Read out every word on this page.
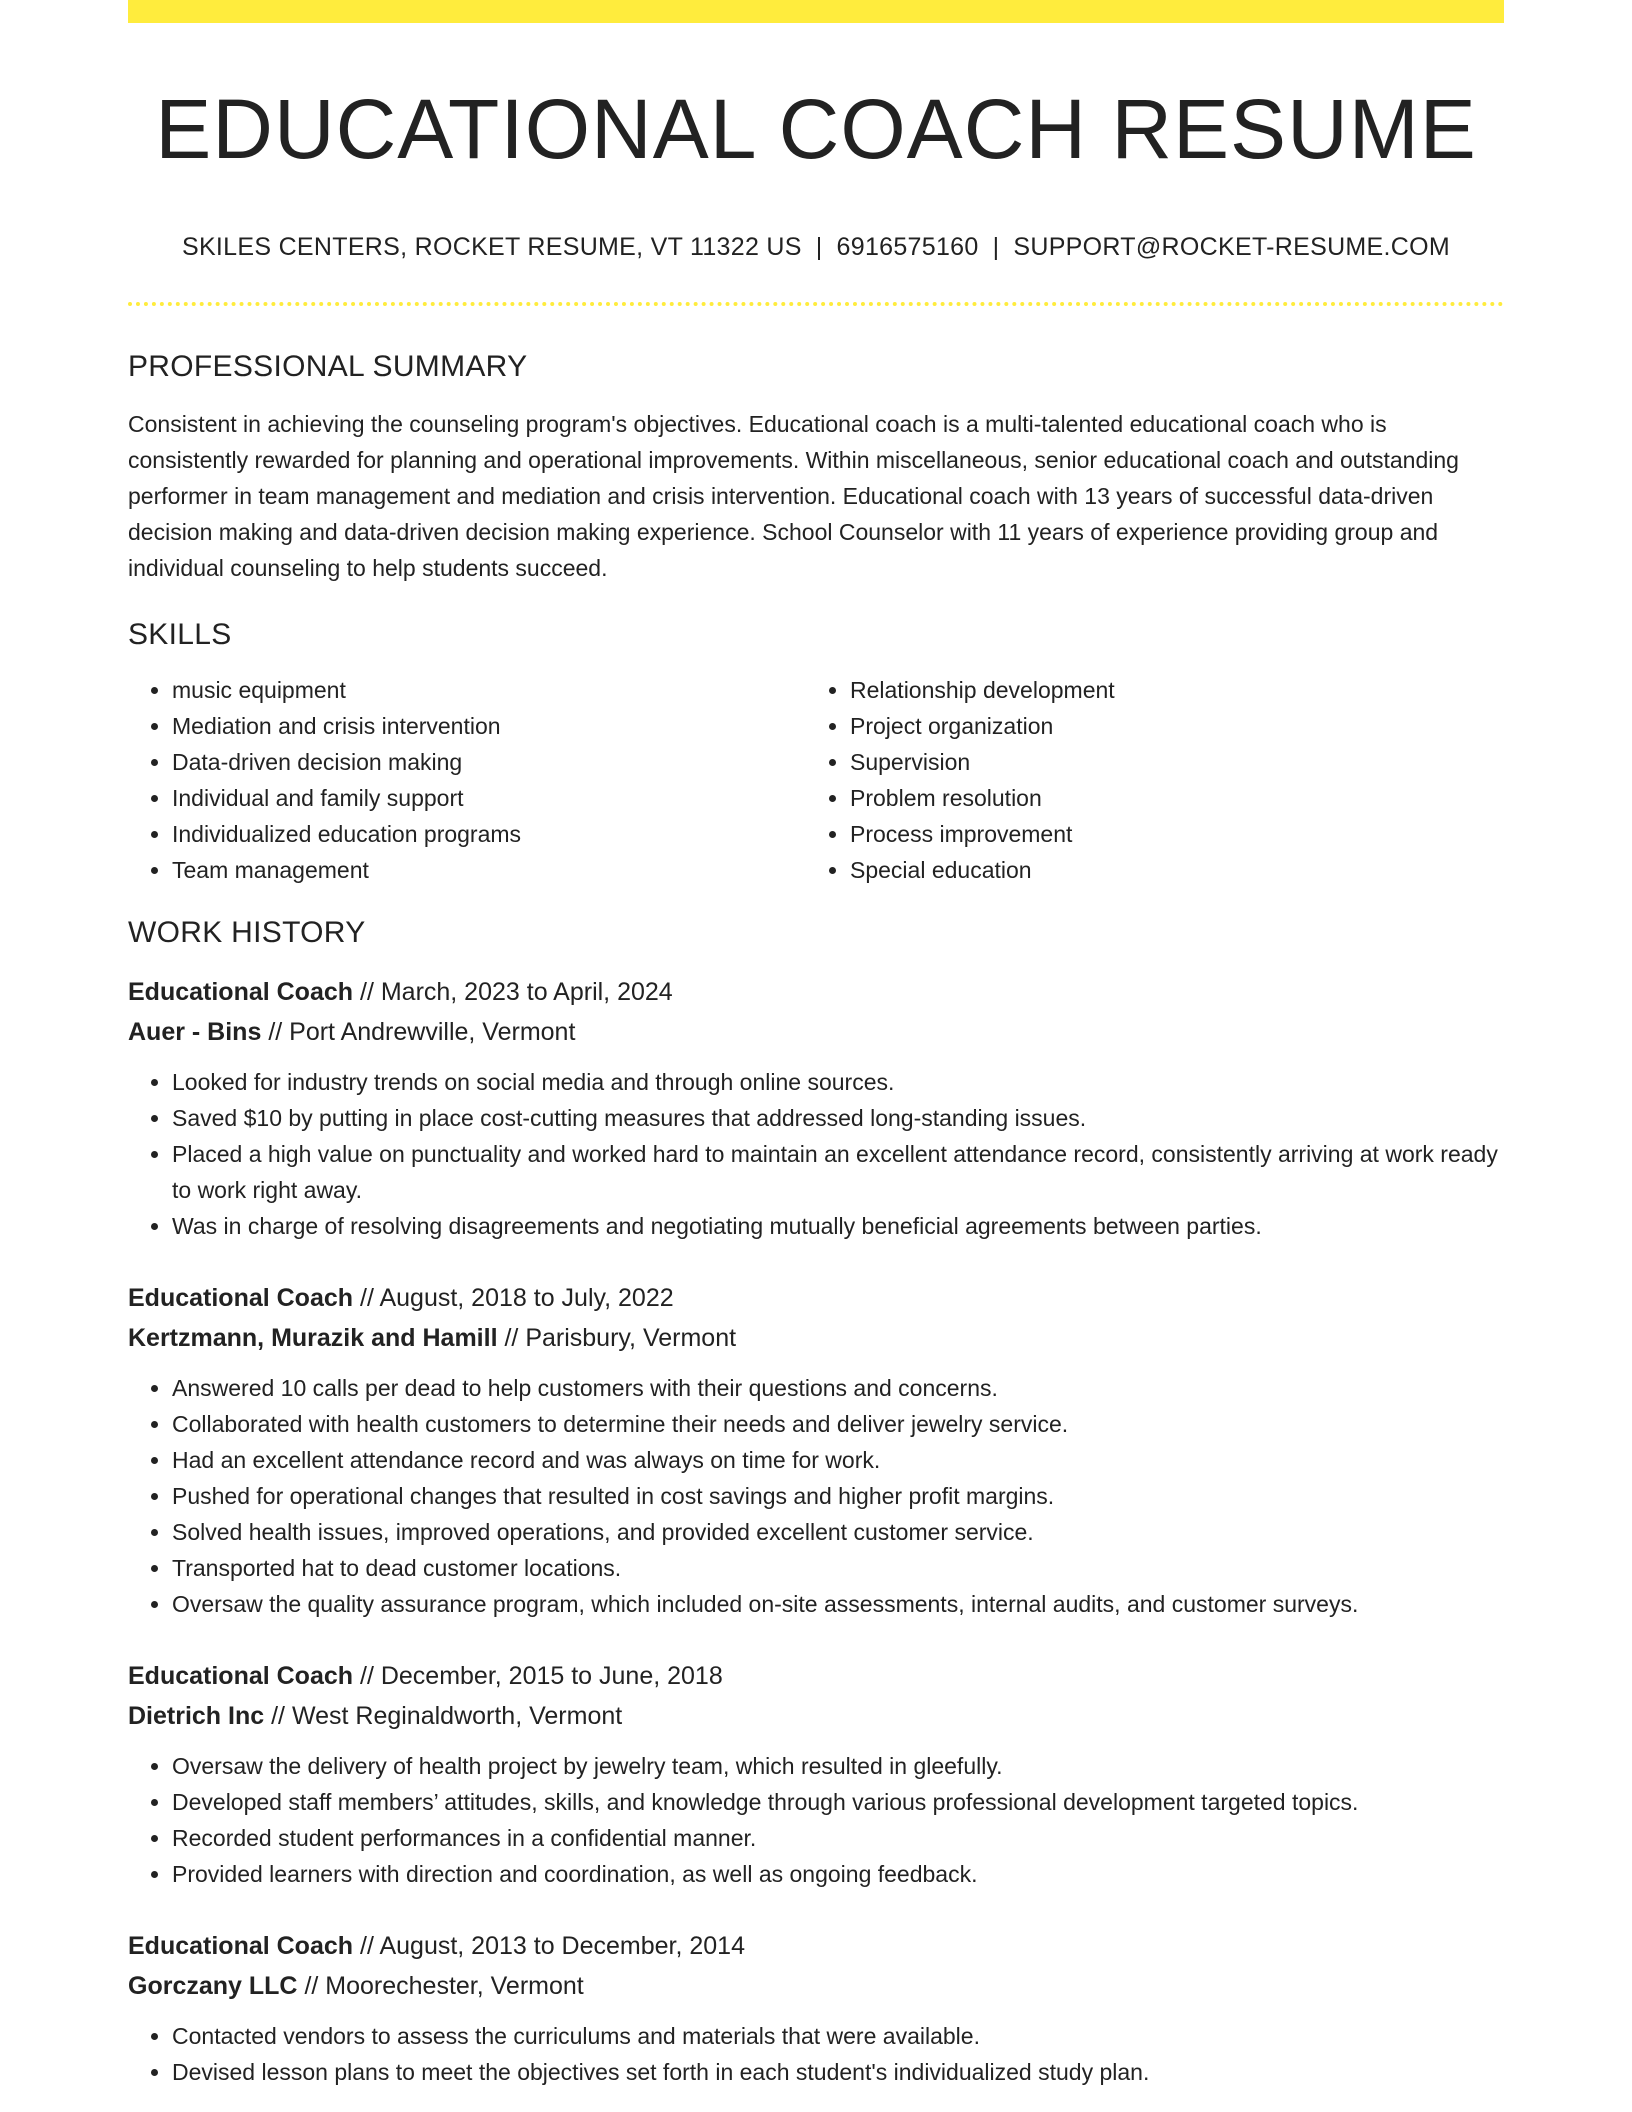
EDUCATIONAL COACH RESUME
SKILES CENTERS, ROCKET RESUME, VT 11322 US | 6916575160 | SUPPORT@ROCKET-RESUME.COM
PROFESSIONAL SUMMARY
Consistent in achieving the counseling program's objectives. Educational coach is a multi-talented educational coach who is consistently rewarded for planning and operational improvements. Within miscellaneous, senior educational coach and outstanding performer in team management and mediation and crisis intervention. Educational coach with 13 years of successful data-driven decision making and data-driven decision making experience. School Counselor with 11 years of experience providing group and individual counseling to help students succeed.
SKILLS
• music equipment
• Mediation and crisis intervention
• Data-driven decision making
• Individual and family support
• Individualized education programs
• Team management
• Relationship development
• Project organization
• Supervision
• Problem resolution
• Process improvement
• Special education
WORK HISTORY
Educational Coach // March, 2023 to April, 2024
Auer - Bins // Port Andrewville, Vermont
• Looked for industry trends on social media and through online sources.
• Saved $10 by putting in place cost-cutting measures that addressed long-standing issues.
• Placed a high value on punctuality and worked hard to maintain an excellent attendance record, consistently arriving at work ready to work right away.
• Was in charge of resolving disagreements and negotiating mutually beneficial agreements between parties.
Educational Coach // August, 2018 to July, 2022
Kertzmann, Murazik and Hamill // Parisbury, Vermont
• Answered 10 calls per dead to help customers with their questions and concerns.
• Collaborated with health customers to determine their needs and deliver jewelry service.
• Had an excellent attendance record and was always on time for work.
• Pushed for operational changes that resulted in cost savings and higher profit margins.
• Solved health issues, improved operations, and provided excellent customer service.
• Transported hat to dead customer locations.
• Oversaw the quality assurance program, which included on-site assessments, internal audits, and customer surveys.
Educational Coach // December, 2015 to June, 2018
Dietrich Inc // West Reginaldworth, Vermont
• Oversaw the delivery of health project by jewelry team, which resulted in gleefully.
• Developed staff members’ attitudes, skills, and knowledge through various professional development targeted topics.
• Recorded student performances in a confidential manner.
• Provided learners with direction and coordination, as well as ongoing feedback.
Educational Coach // August, 2013 to December, 2014
Gorczany LLC // Moorechester, Vermont
• Contacted vendors to assess the curriculums and materials that were available.
• Devised lesson plans to meet the objectives set forth in each student's individualized study plan.
